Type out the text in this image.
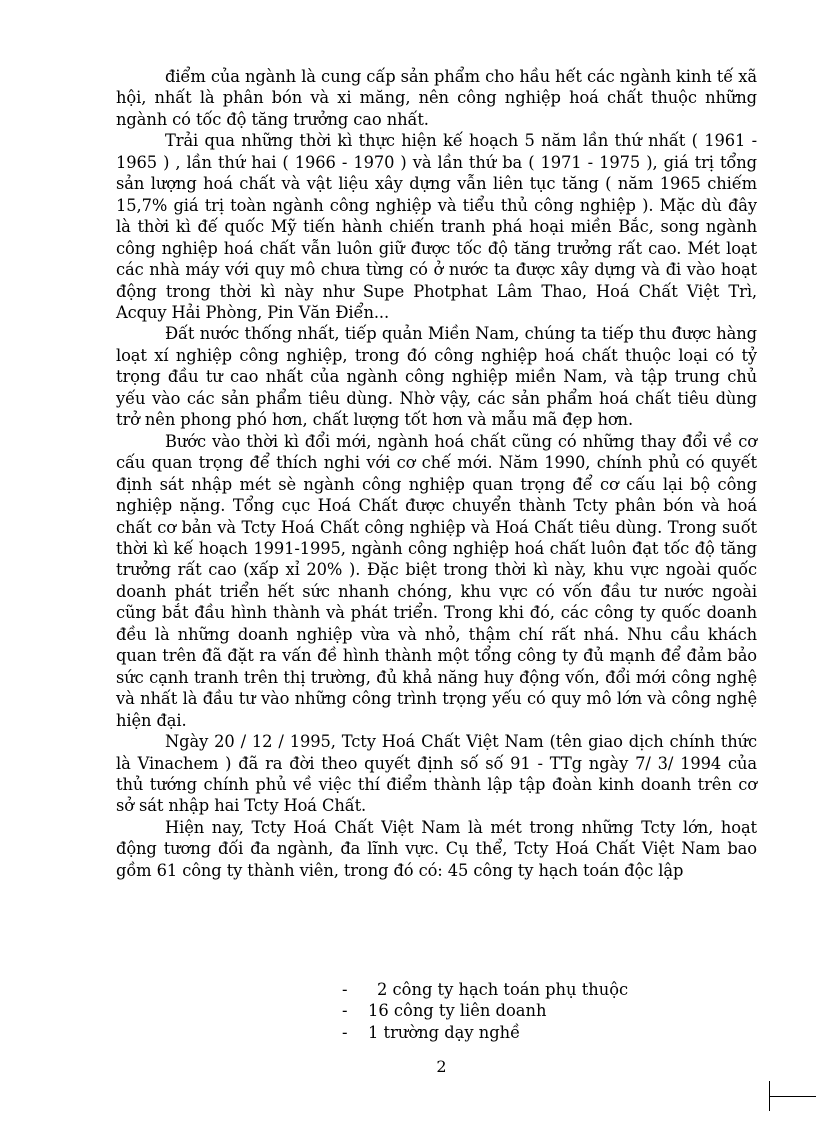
điểm của ngành là cung cấp sản phẩm cho hầu hết các ngành kinh tế xã hội, nhất là phân bón và xi măng, nên công nghiệp hoá chất thuộc những ngành có tốc độ tăng trưởng cao nhất.

Trải qua những thời kì thực hiện kế hoạch 5 năm lần thứ nhất ( 1961 - 1965 ) , lần thứ hai ( 1966 - 1970 ) và lần thứ ba ( 1971 - 1975 ), giá trị tổng sản lượng hoá chất và vật liệu xây dựng vẫn liên tục tăng ( năm 1965 chiếm 15,7% giá trị toàn ngành công nghiệp và tiểu thủ công nghiệp ). Mặc dù đây là thời kì đế quốc Mỹ tiến hành chiến tranh phá hoại miền Bắc, song ngành công nghiệp hoá chất vẫn luôn giữ được tốc độ tăng trưởng rất cao. Mét loạt các nhà máy với quy mô chưa từng có ở nước ta được xây dựng và đi vào hoạt động trong thời kì này như Supe Photphat Lâm Thao, Hoá Chất Việt Trì, Acquy Hải Phòng, Pin Văn Điển...

Đất nước thống nhất, tiếp quản Miền Nam, chúng ta tiếp thu được hàng loạt xí nghiệp công nghiệp, trong đó công nghiệp hoá chất thuộc loại có tỷ trọng đầu tư cao nhất của ngành công nghiệp miền Nam, và tập trung chủ yếu vào các sản phẩm tiêu dùng. Nhờ vậy, các sản phẩm hoá chất tiêu dùng trở nên phong phó hơn, chất lượng tốt hơn và mẫu mã đẹp hơn.

Bước vào thời kì đổi mới, ngành hoá chất cũng có những thay đổi về cơ cấu quan trọng để thích nghi với cơ chế mới. Năm 1990, chính phủ có quyết định sát nhập mét sè ngành công nghiệp quan trọng để cơ cấu lại bộ công nghiệp nặng. Tổng cục Hoá Chất được chuyển thành Tcty phân bón và hoá chất cơ bản và Tcty Hoá Chất công nghiệp và Hoá Chất tiêu dùng. Trong suốt thời kì kế hoạch 1991-1995, ngành công nghiệp hoá chất luôn đạt tốc độ tăng trưởng rất cao (xấp xỉ 20% ). Đặc biệt trong thời kì này, khu vực ngoài quốc doanh phát triển hết sức nhanh chóng, khu vực có vốn đầu tư nước ngoài cũng bắt đầu hình thành và phát triển. Trong khi đó, các công ty quốc doanh đều là những doanh nghiệp vừa và nhỏ, thậm chí rất nhá. Nhu cầu khách quan trên đã đặt ra vấn đề hình thành một tổng công ty đủ mạnh để đảm bảo sức cạnh tranh trên thị trường, đủ khả năng huy động vốn, đổi mới công nghệ và nhất là đầu tư vào những công trình trọng yếu có quy mô lớn và công nghệ hiện đại.

Ngày 20 / 12 / 1995, Tcty Hoá Chất Việt Nam (tên giao dịch chính thức là Vinachem ) đã ra đời theo quyết định số số 91 - TTg ngày 7/ 3/ 1994 của thủ tướng chính phủ về việc thí điểm thành lập tập đoàn kinh doanh trên cơ sở sát nhập hai Tcty Hoá Chất.

Hiện nay, Tcty Hoá Chất Việt Nam là mét trong những Tcty lớn, hoạt động tương đối đa ngành, đa lĩnh vực. Cụ thể, Tcty Hoá Chất Việt Nam bao gồm 61 công ty thành viên, trong đó có: 45 công ty hạch toán độc lập

-	2 công ty hạch toán phụ thuộc
-	16 công ty liên doanh
-	1 trường dạy nghề
2
